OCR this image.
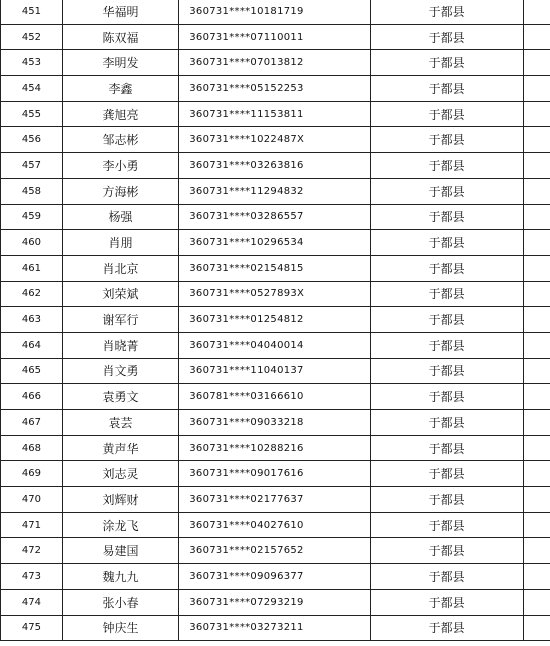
451	华福明	360731****10181719	于都县	
452	陈双福	360731****07110011	于都县	
453	李明发	360731****07013812	于都县	
454	李鑫	360731****05152253	于都县	
455	龚旭亮	360731****11153811	于都县	
456	邹志彬	360731****1022487X	于都县	
457	李小勇	360731****03263816	于都县	
458	方海彬	360731****11294832	于都县	
459	杨强	360731****03286557	于都县	
460	肖朋	360731****10296534	于都县	
461	肖北京	360731****02154815	于都县	
462	刘荣斌	360731****0527893X	于都县	
463	谢军行	360731****01254812	于都县	
464	肖晓菁	360731****04040014	于都县	
465	肖文勇	360731****11040137	于都县	
466	袁勇文	360781****03166610	于都县	
467	袁芸	360731****09033218	于都县	
468	黄声华	360731****10288216	于都县	
469	刘志灵	360731****09017616	于都县	
470	刘辉财	360731****02177637	于都县	
471	涂龙飞	360731****04027610	于都县	
472	易建国	360731****02157652	于都县	
473	魏九九	360731****09096377	于都县	
474	张小春	360731****07293219	于都县	
475	钟庆生	360731****03273211	于都县	
